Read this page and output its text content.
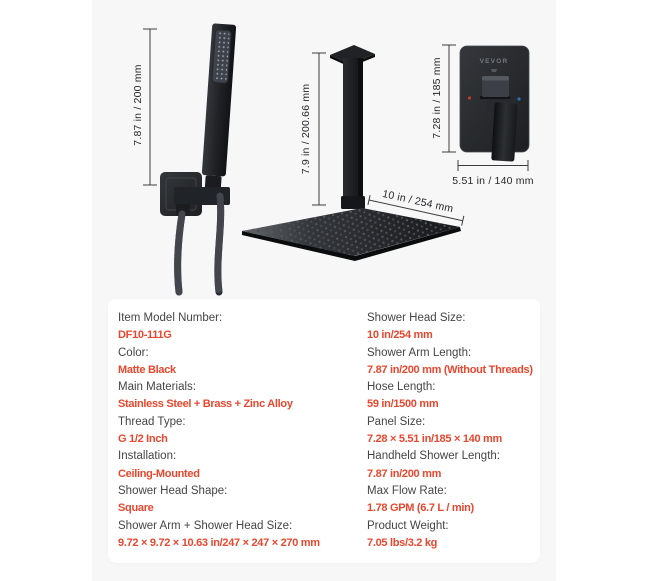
7.87 in / 200 mm	7.9 in / 200.66 mm
10 in / 254 mm
7.28 in / 185 mm	VEVOR
5.51 in / 140 mm
Item Model Number:
DF10-111G
Color:
Matte Black
Main Materials:
Stainless Steel + Brass + Zinc Alloy
Thread Type:
G 1/2 Inch
Installation:
Ceiling-Mounted
Shower Head Shape:
Square
Shower Arm + Shower Head Size:
9.72 × 9.72 × 10.63 in/247 × 247 × 270 mm
Shower Head Size:
10 in/254 mm
Shower Arm Length:
7.87 in/200 mm (Without Threads)
Hose Length:
59 in/1500 mm
Panel Size:
7.28 × 5.51 in/185 × 140 mm
Handheld Shower Length:
7.87 in/200 mm
Max Flow Rate:
1.78 GPM (6.7 L / min)
Product Weight:
7.05 lbs/3.2 kg
